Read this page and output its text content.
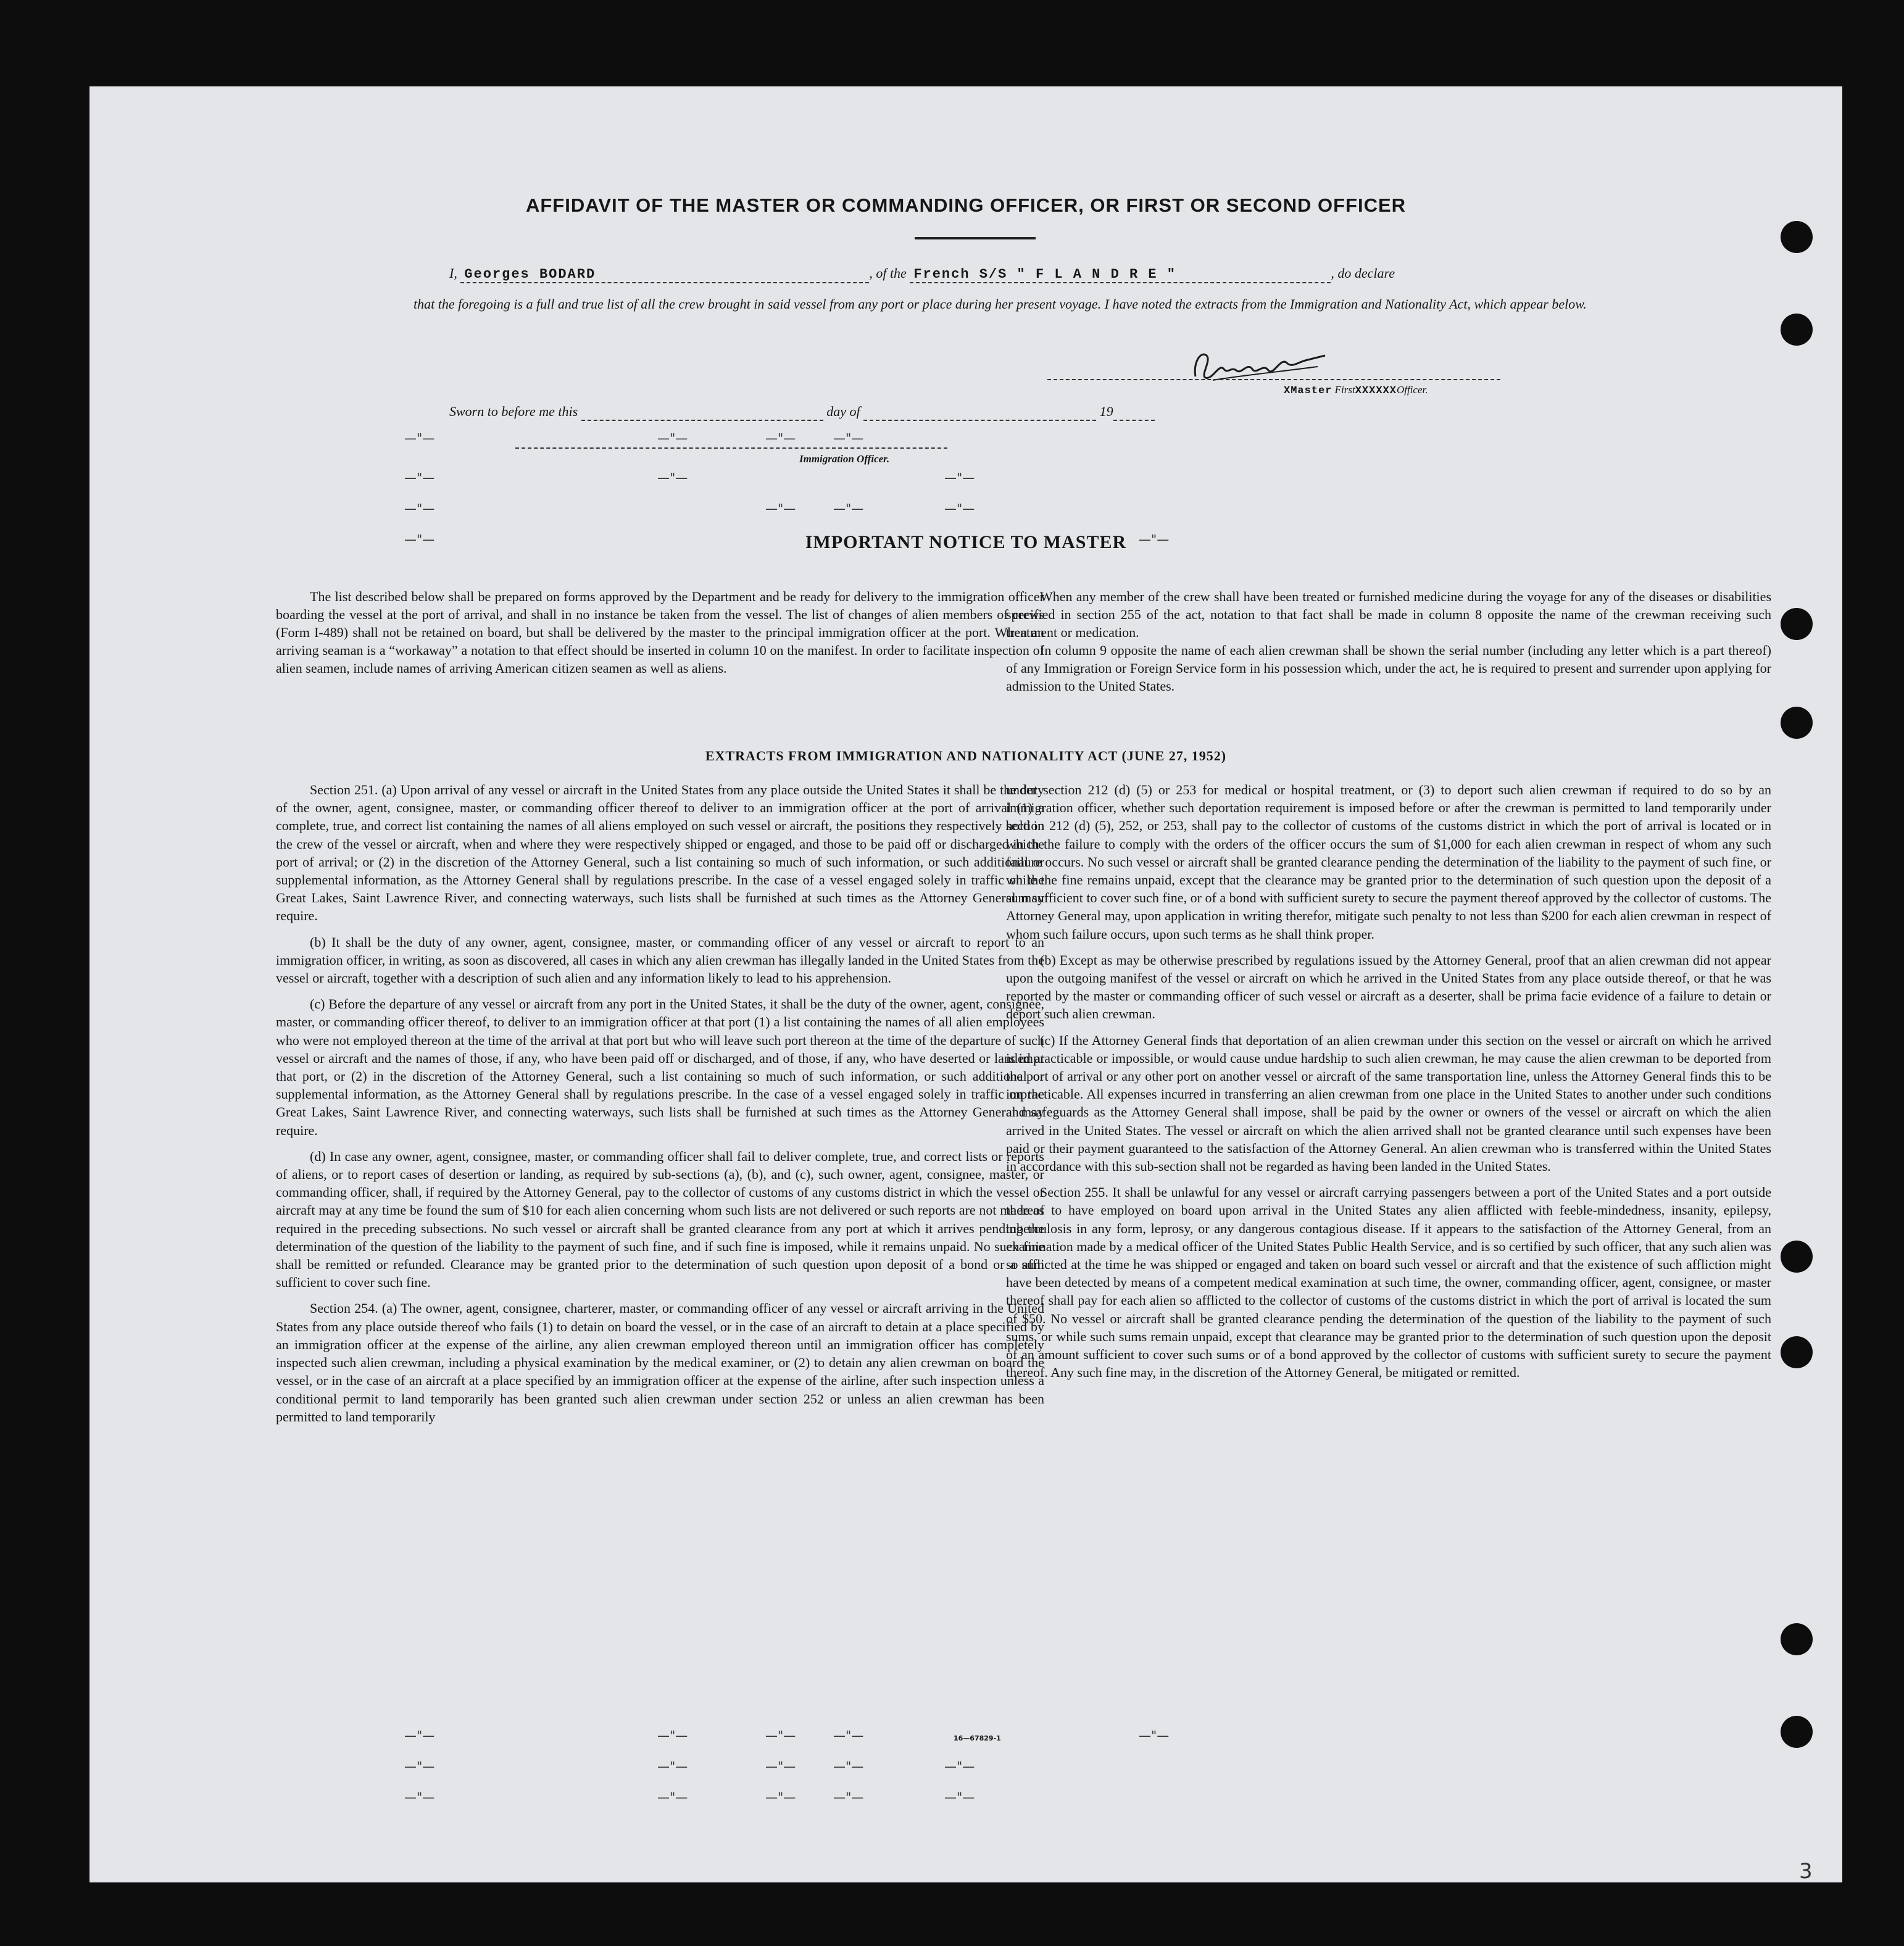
3
AFFIDAVIT OF THE MASTER OR COMMANDING OFFICER, OR FIRST OR SECOND OFFICER
I, Georges BODARD	, of the French S/S " F L A N D R E "	, do declare
that the foregoing is a full and true list of all the crew brought in said vessel from any port or place during her present voyage. I have noted the extracts from the Immigration and Nationality Act, which appear below.
XMaster FirstXXXXXXOfficer.
Sworn to before me this	day of	19
Immigration Officer.
—"—	—"—	—"—	—"—
—"—	—"—	—"—
—"—	—"—	—"—	—"—
—"—	—"—
—"—	—"—	—"—	—"—	—"—
—"—	—"—	—"—	—"—	—"—
—"—	—"—	—"—	—"—	—"—
IMPORTANT NOTICE TO MASTER

The list described below shall be prepared on forms approved by the Department and be ready for delivery to the immigration officer boarding the vessel at the port of arrival, and shall in no instance be taken from the vessel. The list of changes of alien members of crews (Form I-489) shall not be retained on board, but shall be delivered by the master to the principal immigration officer at the port. When an arriving seaman is a “workaway” a notation to that effect should be inserted in column 10 on the manifest. In order to facilitate inspection of alien seamen, include names of arriving American citizen seamen as well as aliens.

When any member of the crew shall have been treated or furnished medicine during the voyage for any of the diseases or disabilities specified in section 255 of the act, notation to that fact shall be made in column 8 opposite the name of the crewman receiving such treatment or medication.

In column 9 opposite the name of each alien crewman shall be shown the serial number (including any letter which is a part thereof) of any Immigration or Foreign Service form in his possession which, under the act, he is required to present and surrender upon applying for admission to the United States.

EXTRACTS FROM IMMIGRATION AND NATIONALITY ACT (JUNE 27, 1952)

Section 251. (a) Upon arrival of any vessel or aircraft in the United States from any place outside the United States it shall be the duty of the owner, agent, consignee, master, or commanding officer thereof to deliver to an immigration officer at the port of arrival (1) a complete, true, and correct list containing the names of all aliens employed on such vessel or aircraft, the positions they respectively hold in the crew of the vessel or aircraft, when and where they were respectively shipped or engaged, and those to be paid off or discharged in the port of arrival; or (2) in the discretion of the Attorney General, such a list containing so much of such information, or such additional or supplemental information, as the Attorney General shall by regulations prescribe. In the case of a vessel engaged solely in traffic on the Great Lakes, Saint Lawrence River, and connecting waterways, such lists shall be furnished at such times as the Attorney General may require.

(b) It shall be the duty of any owner, agent, consignee, master, or commanding officer of any vessel or aircraft to report to an immigration officer, in writing, as soon as discovered, all cases in which any alien crewman has illegally landed in the United States from the vessel or aircraft, together with a description of such alien and any information likely to lead to his apprehension.

(c) Before the departure of any vessel or aircraft from any port in the United States, it shall be the duty of the owner, agent, consignee, master, or commanding officer thereof, to deliver to an immigration officer at that port (1) a list containing the names of all alien employees who were not employed thereon at the time of the arrival at that port but who will leave such port thereon at the time of the departure of such vessel or aircraft and the names of those, if any, who have been paid off or discharged, and of those, if any, who have deserted or landed at that port, or (2) in the discretion of the Attorney General, such a list containing so much of such information, or such additional or supplemental information, as the Attorney General shall by regulations prescribe. In the case of a vessel engaged solely in traffic on the Great Lakes, Saint Lawrence River, and connecting waterways, such lists shall be furnished at such times as the Attorney General may require.

(d) In case any owner, agent, consignee, master, or commanding officer shall fail to deliver complete, true, and correct lists or reports of aliens, or to report cases of desertion or landing, as required by sub-sections (a), (b), and (c), such owner, agent, consignee, master, or commanding officer, shall, if required by the Attorney General, pay to the collector of customs of any customs district in which the vessel or aircraft may at any time be found the sum of $10 for each alien concerning whom such lists are not delivered or such reports are not made as required in the preceding subsections. No such vessel or aircraft shall be granted clearance from any port at which it arrives pending the determination of the question of the liability to the payment of such fine, and if such fine is imposed, while it remains unpaid. No such fine shall be remitted or refunded. Clearance may be granted prior to the determination of such question upon deposit of a bond or a sum sufficient to cover such fine.

Section 254. (a) The owner, agent, consignee, charterer, master, or commanding officer of any vessel or aircraft arriving in the United States from any place outside thereof who fails (1) to detain on board the vessel, or in the case of an aircraft to detain at a place specified by an immigration officer at the expense of the airline, any alien crewman employed thereon until an immigration officer has completely inspected such alien crewman, including a physical examination by the medical examiner, or (2) to detain any alien crewman on board the vessel, or in the case of an aircraft at a place specified by an immigration officer at the expense of the airline, after such inspection unless a conditional permit to land temporarily has been granted such alien crewman under section 252 or unless an alien crewman has been permitted to land temporarily

under section 212 (d) (5) or 253 for medical or hospital treatment, or (3) to deport such alien crewman if required to do so by an immigration officer, whether such deportation requirement is imposed before or after the crewman is permitted to land temporarily under section 212 (d) (5), 252, or 253, shall pay to the collector of customs of the customs district in which the port of arrival is located or in which the failure to comply with the orders of the officer occurs the sum of $1,000 for each alien crewman in respect of whom any such failure occurs. No such vessel or aircraft shall be granted clearance pending the determination of the liability to the payment of such fine, or while the fine remains unpaid, except that the clearance may be granted prior to the determination of such question upon the deposit of a sum sufficient to cover such fine, or of a bond with sufficient surety to secure the payment thereof approved by the collector of customs. The Attorney General may, upon application in writing therefor, mitigate such penalty to not less than $200 for each alien crewman in respect of whom such failure occurs, upon such terms as he shall think proper.

(b) Except as may be otherwise prescribed by regulations issued by the Attorney General, proof that an alien crewman did not appear upon the outgoing manifest of the vessel or aircraft on which he arrived in the United States from any place outside thereof, or that he was reported by the master or commanding officer of such vessel or aircraft as a deserter, shall be prima facie evidence of a failure to detain or deport such alien crewman.

(c) If the Attorney General finds that deportation of an alien crewman under this section on the vessel or aircraft on which he arrived is impracticable or impossible, or would cause undue hardship to such alien crewman, he may cause the alien crewman to be deported from the port of arrival or any other port on another vessel or aircraft of the same transportation line, unless the Attorney General finds this to be impracticable. All expenses incurred in transferring an alien crewman from one place in the United States to another under such conditions and safeguards as the Attorney General shall impose, shall be paid by the owner or owners of the vessel or aircraft on which the alien arrived in the United States. The vessel or aircraft on which the alien arrived shall not be granted clearance until such expenses have been paid or their payment guaranteed to the satisfaction of the Attorney General. An alien crewman who is transferred within the United States in accordance with this sub-section shall not be regarded as having been landed in the United States.

Section 255. It shall be unlawful for any vessel or aircraft carrying passengers between a port of the United States and a port outside thereof to have employed on board upon arrival in the United States any alien afflicted with feeble-mindedness, insanity, epilepsy, tuberculosis in any form, leprosy, or any dangerous contagious disease. If it appears to the satisfaction of the Attorney General, from an examination made by a medical officer of the United States Public Health Service, and is so certified by such officer, that any such alien was so afflicted at the time he was shipped or engaged and taken on board such vessel or aircraft and that the existence of such affliction might have been detected by means of a competent medical examination at such time, the owner, commanding officer, agent, consignee, or master thereof shall pay for each alien so afflicted to the collector of customs of the customs district in which the port of arrival is located the sum of $50. No vessel or aircraft shall be granted clearance pending the determination of the question of the liability to the payment of such sums, or while such sums remain unpaid, except that clearance may be granted prior to the determination of such question upon the deposit of an amount sufficient to cover such sums or of a bond approved by the collector of customs with sufficient surety to secure the payment thereof. Any such fine may, in the discretion of the Attorney General, be mitigated or remitted.

16—67829-1
